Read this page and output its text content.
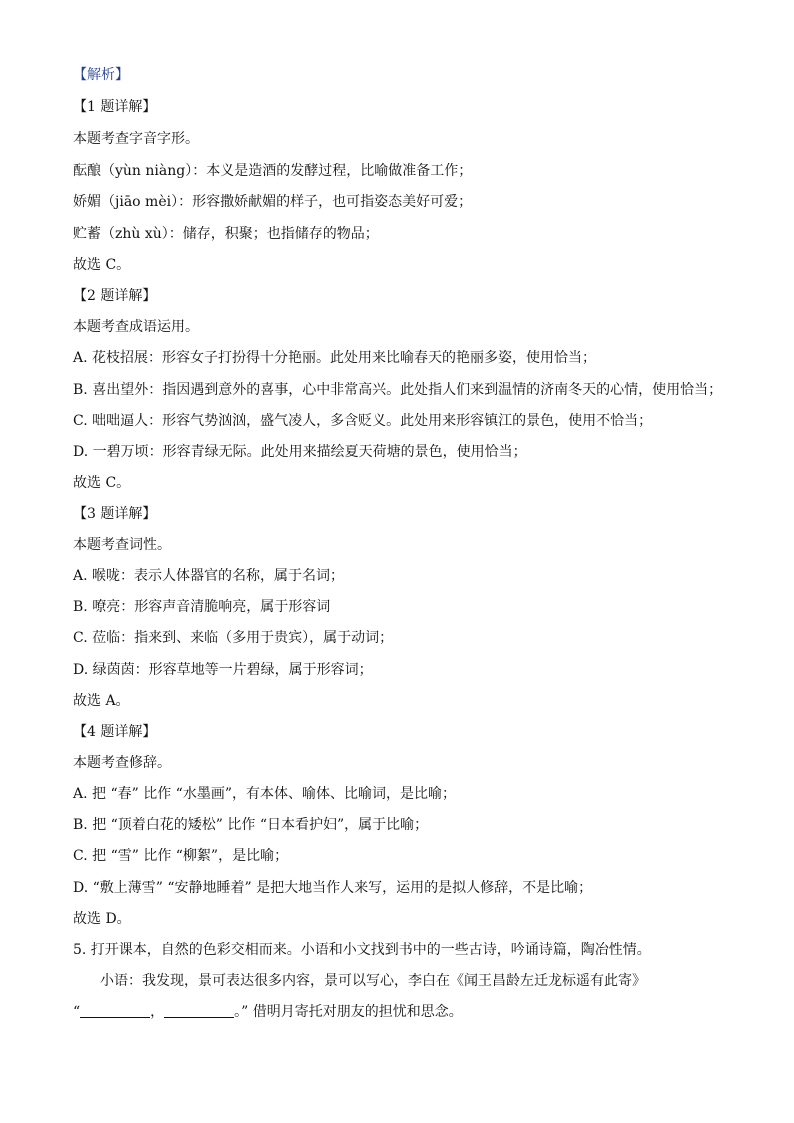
【解析】
【1 题详解】
本题考查字音字形。
酝酿（yùn niàng）：本义是造酒的发酵过程，比喻做准备工作；
娇媚（jiāo mèi）：形容撒娇献媚的样子，也可指姿态美好可爱；
贮蓄（zhù xù）：储存，积聚；也指储存的物品；
故选 C。
【2 题详解】
本题考查成语运用。
A. 花枝招展：形容女子打扮得十分艳丽。此处用来比喻春天的艳丽多姿，使用恰当；
B. 喜出望外：指因遇到意外的喜事，心中非常高兴。此处指人们来到温情的济南冬天的心情，使用恰当；
C. 咄咄逼人：形容气势汹汹，盛气凌人，多含贬义。此处用来形容镇江的景色，使用不恰当；
D. 一碧万顷：形容青绿无际。此处用来描绘夏天荷塘的景色，使用恰当；
故选 C。
【3 题详解】
本题考查词性。
A. 喉咙：表示人体器官的名称，属于名词；
B. 嘹亮：形容声音清脆响亮，属于形容词
C. 莅临：指来到、来临（多用于贵宾），属于动词；
D. 绿茵茵：形容草地等一片碧绿，属于形容词；
故选 A。
【4 题详解】
本题考查修辞。
A. 把 “春” 比作 “水墨画”，有本体、喻体、比喻词，是比喻；
B. 把 “顶着白花的矮松” 比作 “日本看护妇”，属于比喻；
C. 把 “雪” 比作 “柳絮”，是比喻；
D. “敷上薄雪” “安静地睡着” 是把大地当作人来写，运用的是拟人修辞，不是比喻；
故选 D。
5. 打开课本，自然的色彩交相而来。小语和小文找到书中的一些古诗，吟诵诗篇，陶冶性情。
小语：我发现，景可表达很多内容，景可以写心，李白在《闻王昌龄左迁龙标遥有此寄》
“	，	。” 借明月寄托对朋友的担忧和思念。
